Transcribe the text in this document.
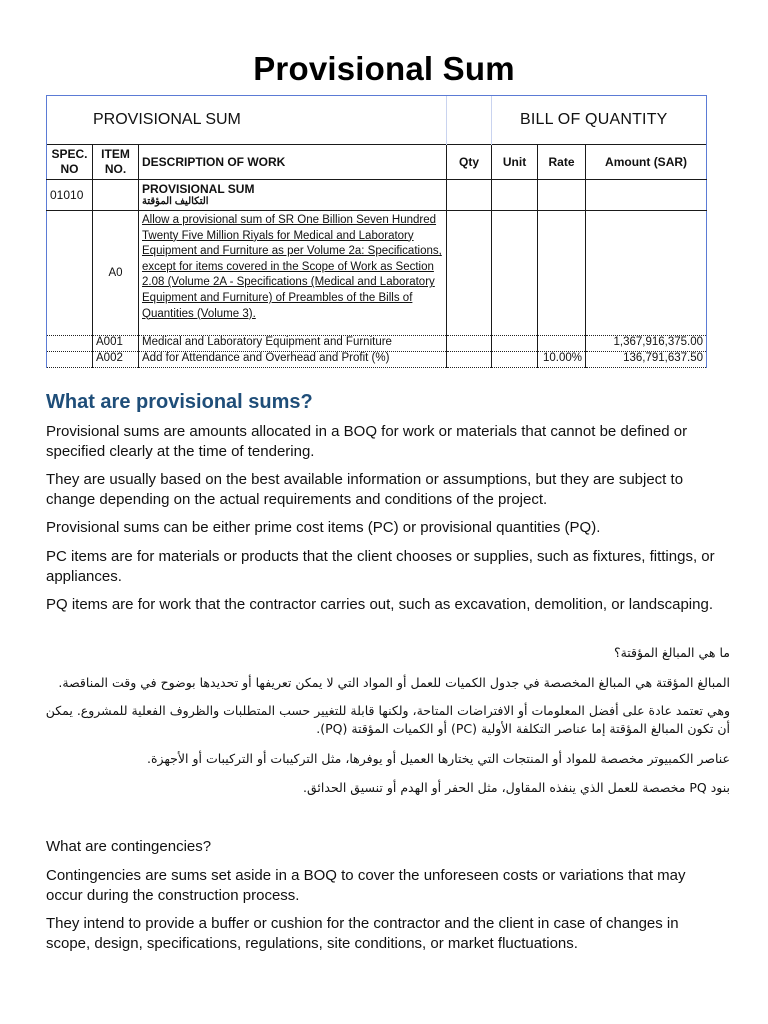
Provisional Sum
PROVISIONAL SUM				BILL OF QUANTITY		
SPEC. NO	ITEM NO.	DESCRIPTION OF WORK	Qty	Unit	Rate	Amount (SAR)
01010		PROVISIONAL SUM
التكاليف المؤقتة				

	A0	Allow a provisional sum of SR One Billion Seven Hundred Twenty Five Million Riyals for Medical and Laboratory Equipment and Furniture as per Volume 2a: Specifications, except for items covered in the Scope of Work as Section 2.08 (Volume 2A - Specifications (Medical and Laboratory Equipment and Furniture) of Preambles of the Bills of Quantities (Volume 3).				

	A001	Medical and Laboratory Equipment and Furniture				1,367,916,375.00
	A002	Add for Attendance and Overhead and Profit (%)			10.00%	136,791,637.50
What are provisional sums?

Provisional sums are amounts allocated in a BOQ for work or materials that cannot be defined or specified clearly at the time of tendering.

They are usually based on the best available information or assumptions, but they are subject to change depending on the actual requirements and conditions of the project.

Provisional sums can be either prime cost items (PC) or provisional quantities (PQ).

PC items are for materials or products that the client chooses or supplies, such as fixtures, fittings, or appliances.

PQ items are for work that the contractor carries out, such as excavation, demolition, or landscaping.

ما هي المبالغ المؤقتة؟

المبالغ المؤقتة هي المبالغ المخصصة في جدول الكميات للعمل أو المواد التي لا يمكن تعريفها أو تحديدها بوضوح في وقت المناقصة.

وهي تعتمد عادة على أفضل المعلومات أو الافتراضات المتاحة، ولكنها قابلة للتغيير حسب المتطلبات والظروف الفعلية للمشروع. يمكن أن تكون المبالغ المؤقتة إما عناصر التكلفة الأولية (PC) أو الكميات المؤقتة (PQ).

عناصر الكمبيوتر مخصصة للمواد أو المنتجات التي يختارها العميل أو يوفرها، مثل التركيبات أو التركيبات أو الأجهزة.

بنود PQ مخصصة للعمل الذي ينفذه المقاول، مثل الحفر أو الهدم أو تنسيق الحدائق.

What are contingencies?

Contingencies are sums set aside in a BOQ to cover the unforeseen costs or variations that may occur during the construction process.

They intend to provide a buffer or cushion for the contractor and the client in case of changes in scope, design, specifications, regulations, site conditions, or market fluctuations.
